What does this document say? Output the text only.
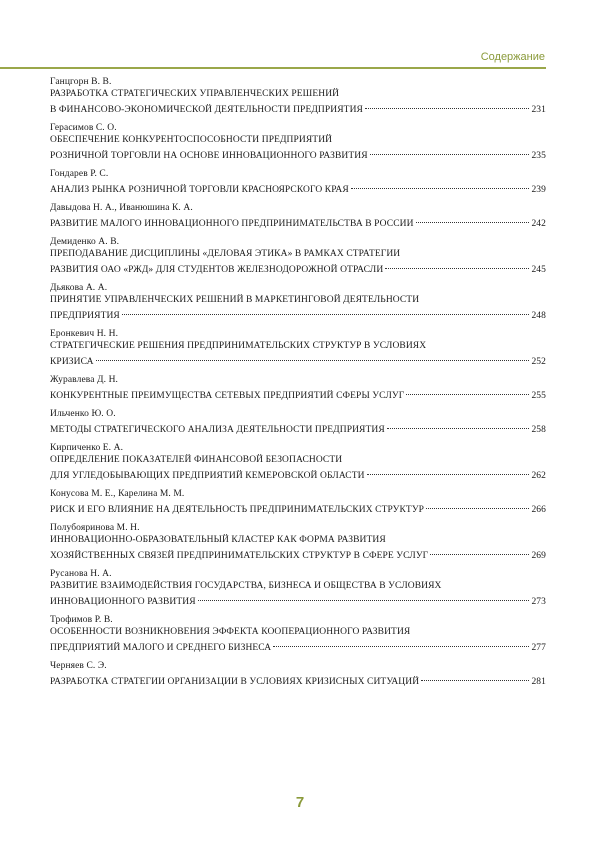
Содержание
Ганцгорн В. В.
РАЗРАБОТКА СТРАТЕГИЧЕСКИХ УПРАВЛЕНЧЕСКИХ РЕШЕНИЙ
В ФИНАНСОВО-ЭКОНОМИЧЕСКОЙ ДЕЯТЕЛЬНОСТИ ПРЕДПРИЯТИЯ	231
Герасимов С. О.
ОБЕСПЕЧЕНИЕ КОНКУРЕНТОСПОСОБНОСТИ ПРЕДПРИЯТИЙ
РОЗНИЧНОЙ ТОРГОВЛИ НА ОСНОВЕ ИННОВАЦИОННОГО РАЗВИТИЯ	235
Гондарев Р. С.
АНАЛИЗ РЫНКА РОЗНИЧНОЙ ТОРГОВЛИ КРАСНОЯРСКОГО КРАЯ	239
Давыдова Н. А., Иванюшина К. А.
РАЗВИТИЕ МАЛОГО ИННОВАЦИОННОГО ПРЕДПРИНИМАТЕЛЬСТВА В РОССИИ	242
Демиденко А. В.
ПРЕПОДАВАНИЕ ДИСЦИПЛИНЫ «ДЕЛОВАЯ ЭТИКА» В РАМКАХ СТРАТЕГИИ
РАЗВИТИЯ ОАО «РЖД» ДЛЯ СТУДЕНТОВ ЖЕЛЕЗНОДОРОЖНОЙ ОТРАСЛИ	245
Дьякова А. А.
ПРИНЯТИЕ УПРАВЛЕНЧЕСКИХ РЕШЕНИЙ В МАРКЕТИНГОВОЙ ДЕЯТЕЛЬНОСТИ
ПРЕДПРИЯТИЯ	248
Еронкевич Н. Н.
СТРАТЕГИЧЕСКИЕ РЕШЕНИЯ ПРЕДПРИНИМАТЕЛЬСКИХ СТРУКТУР В УСЛОВИЯХ
КРИЗИСА	252
Журавлева Д. Н.
КОНКУРЕНТНЫЕ ПРЕИМУЩЕСТВА СЕТЕВЫХ ПРЕДПРИЯТИЙ СФЕРЫ УСЛУГ	255
Ильченко Ю. О.
МЕТОДЫ СТРАТЕГИЧЕСКОГО АНАЛИЗА ДЕЯТЕЛЬНОСТИ ПРЕДПРИЯТИЯ	258
Кирпиченко Е. А.
ОПРЕДЕЛЕНИЕ ПОКАЗАТЕЛЕЙ ФИНАНСОВОЙ БЕЗОПАСНОСТИ
ДЛЯ УГЛЕДОБЫВАЮЩИХ ПРЕДПРИЯТИЙ КЕМЕРОВСКОЙ ОБЛАСТИ	262
Конусова М. Е., Карелина М. М.
РИСК И ЕГО ВЛИЯНИЕ НА ДЕЯТЕЛЬНОСТЬ ПРЕДПРИНИМАТЕЛЬСКИХ СТРУКТУР	266
Полубояринова М. Н.
ИННОВАЦИОННО-ОБРАЗОВАТЕЛЬНЫЙ КЛАСТЕР КАК ФОРМА РАЗВИТИЯ
ХОЗЯЙСТВЕННЫХ СВЯЗЕЙ ПРЕДПРИНИМАТЕЛЬСКИХ СТРУКТУР В СФЕРЕ УСЛУГ	269
Русанова Н. А.
РАЗВИТИЕ ВЗАИМОДЕЙСТВИЯ ГОСУДАРСТВА, БИЗНЕСА И ОБЩЕСТВА В УСЛОВИЯХ
ИННОВАЦИОННОГО РАЗВИТИЯ	273
Трофимов Р. В.
ОСОБЕННОСТИ ВОЗНИКНОВЕНИЯ ЭФФЕКТА КООПЕРАЦИОННОГО РАЗВИТИЯ
ПРЕДПРИЯТИЙ МАЛОГО И СРЕДНЕГО БИЗНЕСА	277
Черняев С. Э.
РАЗРАБОТКА СТРАТЕГИИ ОРГАНИЗАЦИИ В УСЛОВИЯХ КРИЗИСНЫХ СИТУАЦИЙ	281
7
